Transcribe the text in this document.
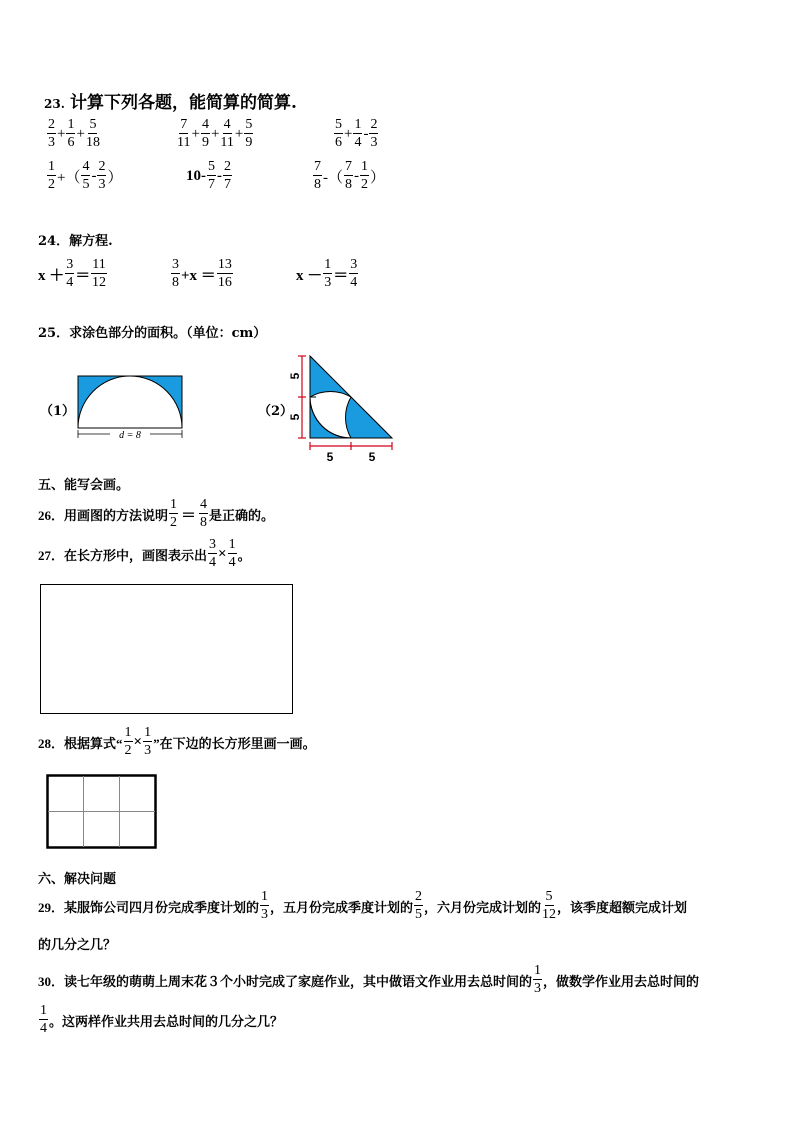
23. 计算下列各题，能简算的简算.
$\frac{2}{3} + \frac{1}{6} + \frac{5}{18}$	$\frac{7}{11} + \frac{4}{9} + \frac{4}{11} + \frac{5}{9}$	$\frac{5}{6} + \frac{1}{4} - \frac{2}{3}$
$\frac{1}{2}$ +（ $\frac{4}{5} - \frac{2}{3}$ ）	$10- \frac{5}{7} - \frac{2}{7}$	$\frac{7}{8}$ -（ $\frac{7}{8} - \frac{1}{2}$ ）
24．解方程.
$x + \frac{3}{4} = \frac{11}{12}$	$\frac{3}{8} +x = \frac{13}{16}$	$x - \frac{1}{3} = \frac{3}{4}$
25．求涂色部分的面积。（单位：cm）
（1）
d = 8
（2）
5
5
5	5
五、能写会画。
26．用画图的方法说明 $\frac{1}{2} = \frac{4}{8}$ 是正确的。
27．在长方形中，画图表示出 $\frac{3}{4} \times \frac{1}{4}$ 。
28．根据算式“ $\frac{1}{2} \times \frac{1}{3}$ ”在下边的长方形里画一画。
六、解决问题
29．某服饰公司四月份完成季度计划的 $\frac{1}{3}$ ，五月份完成季度计划的 $\frac{2}{5}$ ，六月份完成计划的 $\frac{5}{12}$ ，该季度超额完成计划
的几分之几？
30．读七年级的萌萌上周末花３个小时完成了家庭作业，其中做语文作业用去总时间的 $\frac{1}{3}$ ，做数学作业用去总时间的
$\frac{1}{4}$ 。这两样作业共用去总时间的几分之几？
